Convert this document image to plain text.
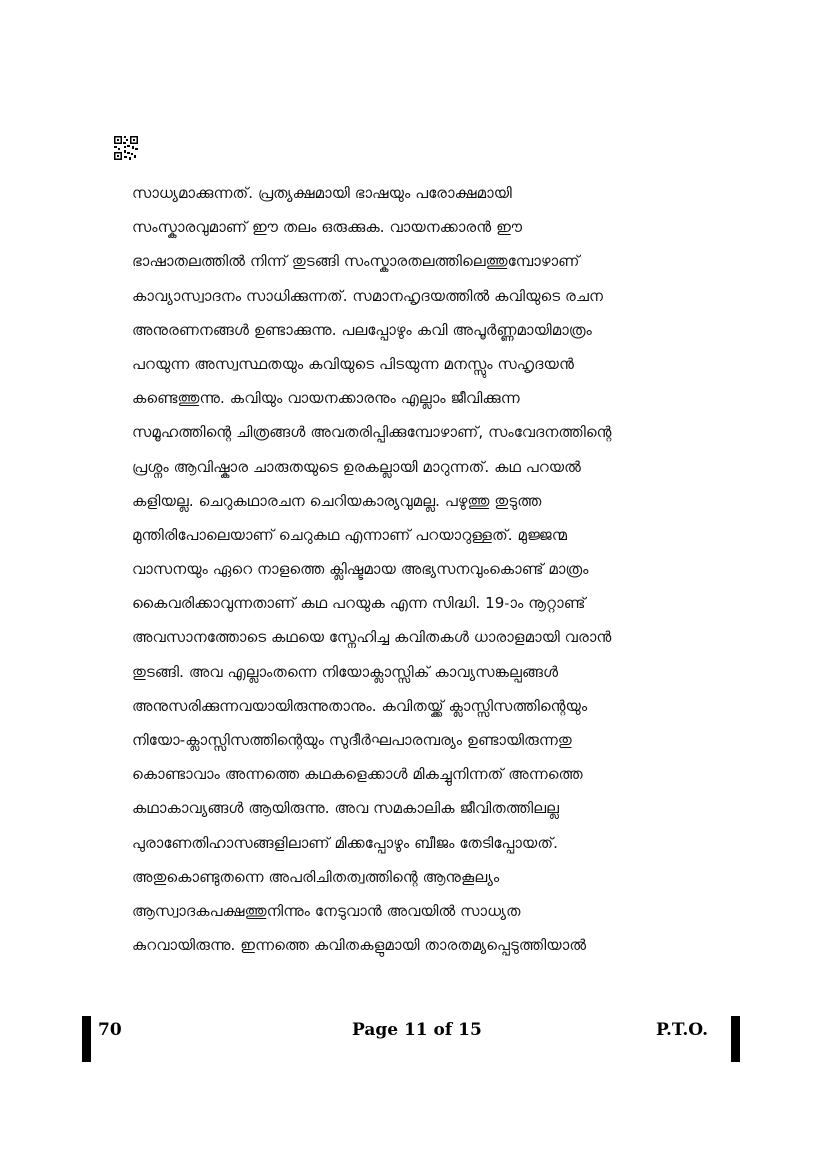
സാധ്യമാക്കുന്നത്. പ്രത്യക്ഷമായി ഭാഷയും പരോക്ഷമായി
സംസ്കാരവുമാണ് ഈ തലം ഒരുക്കുക. വായനക്കാരൻ ഈ
ഭാഷാതലത്തിൽ നിന്ന് തുടങ്ങി സംസ്കാരതലത്തിലെത്തുമ്പോഴാണ്
കാവ്യാസ്വാദനം സാധിക്കുന്നത്. സമാനഹൃദയത്തിൽ കവിയുടെ രചന
അനുരണനങ്ങൾ ഉണ്ടാക്കുന്നു. പലപ്പോഴും കവി അപൂർണ്ണമായിമാത്രം
പറയുന്ന അസ്വസ്ഥതയും കവിയുടെ പിടയുന്ന മനസ്സും സഹൃദയൻ
കണ്ടെത്തുന്നു. കവിയും വായനക്കാരനും എല്ലാം ജീവിക്കുന്ന
സമൂഹത്തിന്റെ ചിത്രങ്ങൾ അവതരിപ്പിക്കുമ്പോഴാണ്, സംവേദനത്തിന്റെ
പ്രശ്നം ആവിഷ്കാര ചാരുതയുടെ ഉരകല്ലായി മാറുന്നത്. കഥ പറയൽ
കളിയല്ല. ചെറുകഥാരചന ചെറിയകാര്യവുമല്ല. പഴുത്തു തുടുത്ത
മുന്തിരിപോലെയാണ് ചെറുകഥ എന്നാണ് പറയാറുള്ളത്. മുജ്ജന്മ
വാസനയും ഏറെ നാളത്തെ ക്ലിഷ്ടമായ അഭ്യസനവുംകൊണ്ട് മാത്രം
കൈവരിക്കാവുന്നതാണ് കഥ പറയുക എന്ന സിദ്ധി. 19-ാം നൂറ്റാണ്ട്
അവസാനത്തോടെ കഥയെ സ്നേഹിച്ച കവിതകൾ ധാരാളമായി വരാൻ
തുടങ്ങി. അവ എല്ലാംതന്നെ നിയോക്ലാസ്സിക് കാവ്യസങ്കല്പങ്ങൾ
അനുസരിക്കുന്നവയായിരുന്നുതാനും. കവിതയ്ക്ക് ക്ലാസ്സിസത്തിന്റെയും
നിയോ-ക്ലാസ്സിസത്തിന്റെയും സുദീർഘപാരമ്പര്യം ഉണ്ടായിരുന്നതു
കൊണ്ടാവാം അന്നത്തെ കഥകളെക്കാൾ മികച്ചുനിന്നത് അന്നത്തെ
കഥാകാവ്യങ്ങൾ ആയിരുന്നു. അവ സമകാലിക ജീവിതത്തിലല്ല
പുരാണേതിഹാസങ്ങളിലാണ് മിക്കപ്പോഴും ബീജം തേടിപ്പോയത്.
അതുകൊണ്ടുതന്നെ അപരിചിതത്വത്തിന്റെ ആനുകൂല്യം
ആസ്വാദകപക്ഷത്തുനിന്നും നേടുവാൻ അവയിൽ സാധ്യത
കുറവായിരുന്നു. ഇന്നത്തെ കവിതകളുമായി താരതമ്യപ്പെടുത്തിയാൽ
70	Page 11 of 15	P.T.O.
